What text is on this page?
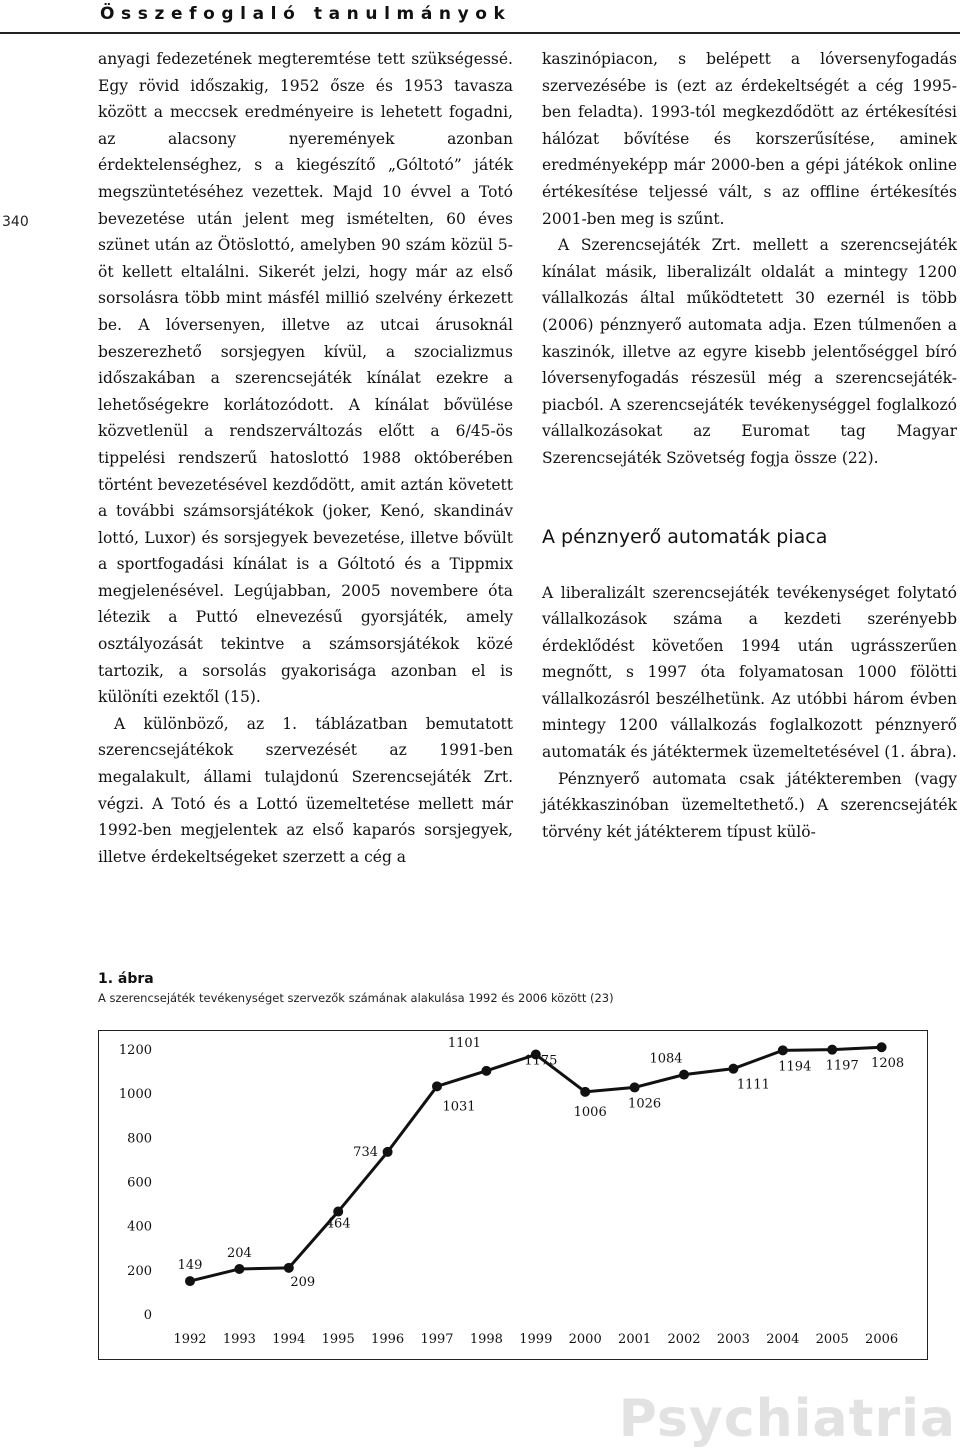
Összefoglaló tanulmányok
340

anyagi fedezetének megteremtése tett szükségessé. Egy rövid időszakig, 1952 ősze és 1953 tavasza között a meccsek eredményeire is lehetett fogadni, az alacsony nyeremények azonban érdektelenséghez, s a kiegészítő „Góltotó” játék megszüntetéséhez vezettek. Majd 10 évvel a Totó bevezetése után jelent meg ismételten, 60 éves szünet után az Ötöslottó, amelyben 90 szám közül 5-öt kellett eltalálni. Sikerét jelzi, hogy már az első sorsolásra több mint másfél millió szelvény érkezett be. A lóversenyen, illetve az utcai árusoknál beszerezhető sorsjegyen kívül, a szocializmus időszakában a szerencsejáték kínálat ezekre a lehetőségekre korlátozódott. A kínálat bővülése közvetlenül a rendszerváltozás előtt a 6/45-ös tippelési rendszerű hatoslottó 1988 októberében történt bevezetésével kezdődött, amit aztán követett a további számsorsjátékok (joker, Kenó, skandináv lottó, Luxor) és sorsjegyek bevezetése, illetve bővült a sportfogadási kínálat is a Góltotó és a Tippmix megjelenésével. Legújabban, 2005 novembere óta létezik a Puttó elnevezésű gyorsjáték, amely osztályozását tekintve a számsorsjátékok közé tartozik, a sorsolás gyakorisága azonban el is különíti ezektől (15).

A különböző, az 1. táblázatban bemutatott szerencsejátékok szervezését az 1991-ben megalakult, állami tulajdonú Szerencsejáték Zrt. végzi. A Totó és a Lottó üzemeltetése mellett már 1992-ben megjelentek az első kaparós sorsjegyek, illetve érdekeltségeket szerzett a cég a

kaszinópiacon, s belépett a lóversenyfogadás szervezésébe is (ezt az érdekeltségét a cég 1995-ben feladta). 1993-tól megkezdődött az értékesítési hálózat bővítése és korszerűsítése, aminek eredményeképp már 2000-ben a gépi játékok online értékesítése teljessé vált, s az offline értékesítés 2001-ben meg is szűnt.

A Szerencsejáték Zrt. mellett a szerencsejáték kínálat másik, liberalizált oldalát a mintegy 1200 vállalkozás által működtetett 30 ezernél is több (2006) pénznyerő automata adja. Ezen túlmenően a kaszinók, illetve az egyre kisebb jelentőséggel bíró lóversenyfogadás részesül még a szerencsejáték-piacból. A szerencsejáték tevékenységgel foglalkozó vállalkozásokat az Euromat tag Magyar Szerencsejáték Szövetség fogja össze (22).

A pénznyerő automaták piaca

A liberalizált szerencsejáték tevékenységet folytató vállalkozások száma a kezdeti szerényebb érdeklődést követően 1994 után ugrásszerűen megnőtt, s 1997 óta folyamatosan 1000 fölötti vállalkozásról beszélhetünk. Az utóbbi három évben mintegy 1200 vállalkozás foglalkozott pénznyerő automaták és játéktermek üzemeltetésével (1. ábra).

Pénznyerő automata csak játékteremben (vagy játékkaszinóban üzemeltethető.) A szerencsejáték törvény két játékterem típust külö-

1. ábra
A szerencsejáték tevékenységet szervezők számának alakulása 1992 és 2006 között (23)
0
200
400
600
800
1000
1200
1992 1993 1994 1995 1996 1997 1998 1999 2000 2001 2002 2003 2004 2005 2006
149
204
209
464
734
1031
1101
1175
1006
1026
1084
1111
1194 1197 1208
Psychiatria
